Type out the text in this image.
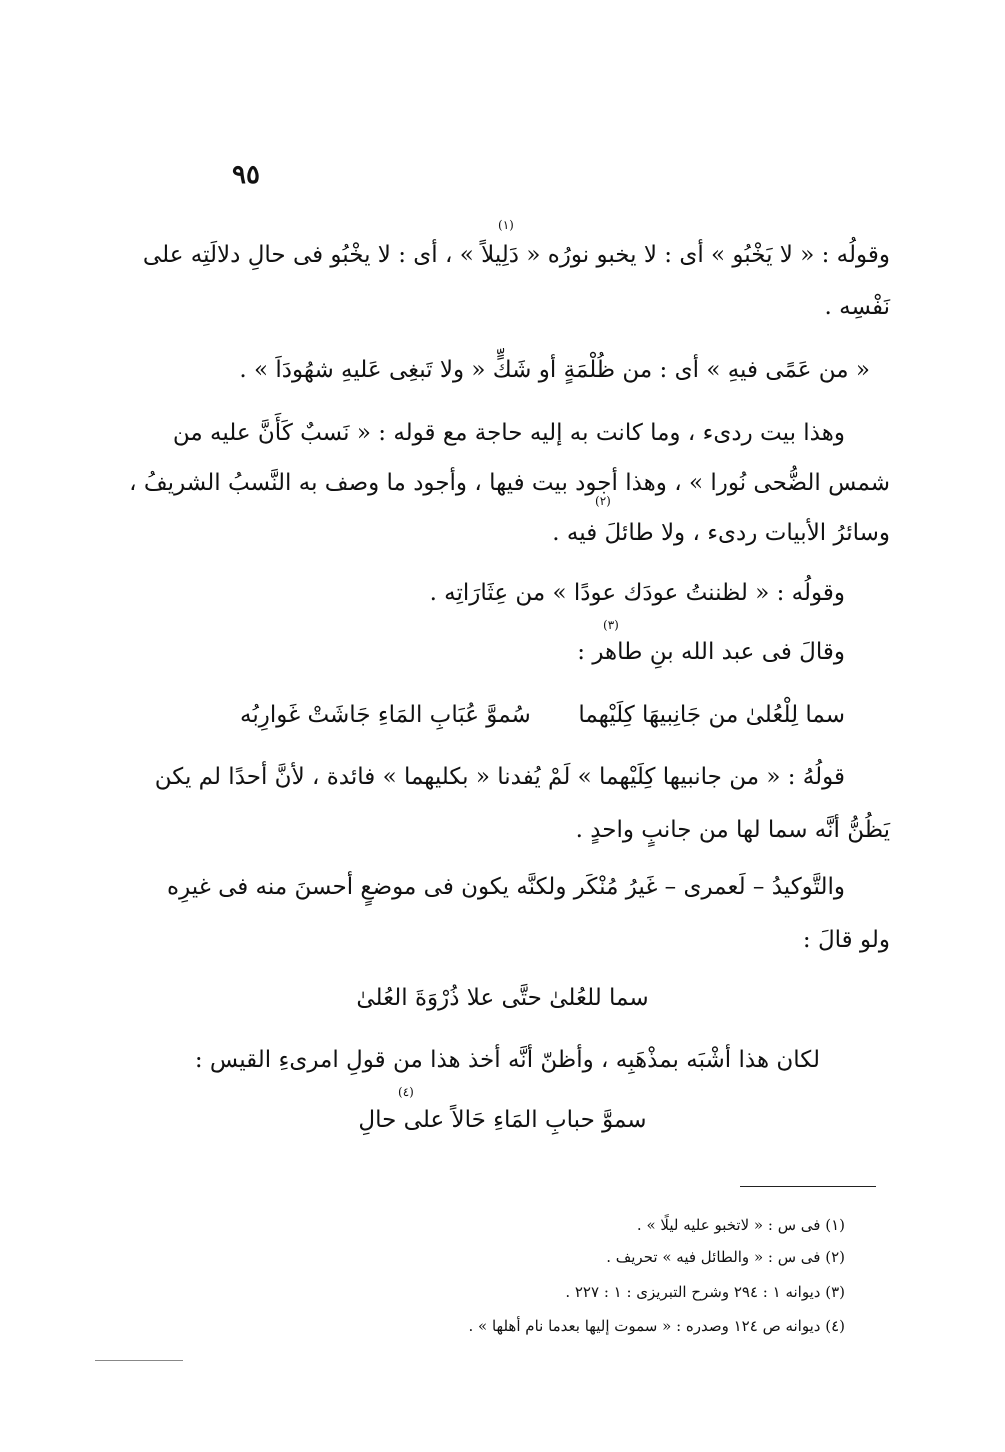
٩٥
(١)
وقولُه : « لا يَخْبُو » أى : لا يخبو نورُه « دَلِيلاً » ، أى : لا يخْبُو فى حالِ دلالَتِه على
نَفْسِه .
« من عَمًى فيهِ » أى : من ظُلْمَةٍ أو شَكٍّ « ولا تَبغِى عَليهِ شهُودَاَ » .
وهذا بيت ردىء ، وما كانت به إليه حاجة مع قوله : « نَسبٌ كَأَنَّ عليه من
شمس الضُّحى نُورا » ، وهذا أجود بيت فيها ، وأجود ما وصف به النَّسبُ الشريفُ ،
(٢)
وسائرُ الأبيات ردىء ، ولا طائلَ فيه .
وقولُه : « لظننتُ عودَك عودًا » من عِثَارَاتِه .
(٣)
وقالَ فى عبد الله بنِ طاهر :
سُموَّ عُبَابِ المَاءِ جَاشَتْ غَوارِبُه سما لِلْعُلىٰ من جَانِبيهَا كِلَيْهما
قولُهُ : « من جانبيها كِلَيْهما » لَمْ يُفدنا « بكليهما » فائدة ، لأنَّ أحدًا لم يكن
يَظُنُّ أنَّه سما لها من جانبٍ واحدٍ .
والتَّوكيدُ – لَعمرى – غَيرُ مُنْكَر ولكنَّه يكون فى موضعٍ أحسنَ منه فى غيرِه
ولو قالَ :
سما للعُلىٰ حتَّى علا ذُرْوَةَ العُلىٰ
لكان هذا أشْبَه بمذْهَبِه ، وأظنّ أنَّه أخذ هذا من قولِ امرىءِ القيس :
(٤)
سموَّ حبابِ المَاءِ حَالاً على حالِ
(١) فى س : « لاتخبو عليه ليلًا » .
(٢) فى س : « والطائل فيه » تحريف .
(٣) ديوانه ١ : ٢٩٤ وشرح التبريزى : ١ : ٢٢٧ .
(٤) ديوانه ص ١٢٤ وصدره : « سموت إليها بعدما نام أهلها » .
